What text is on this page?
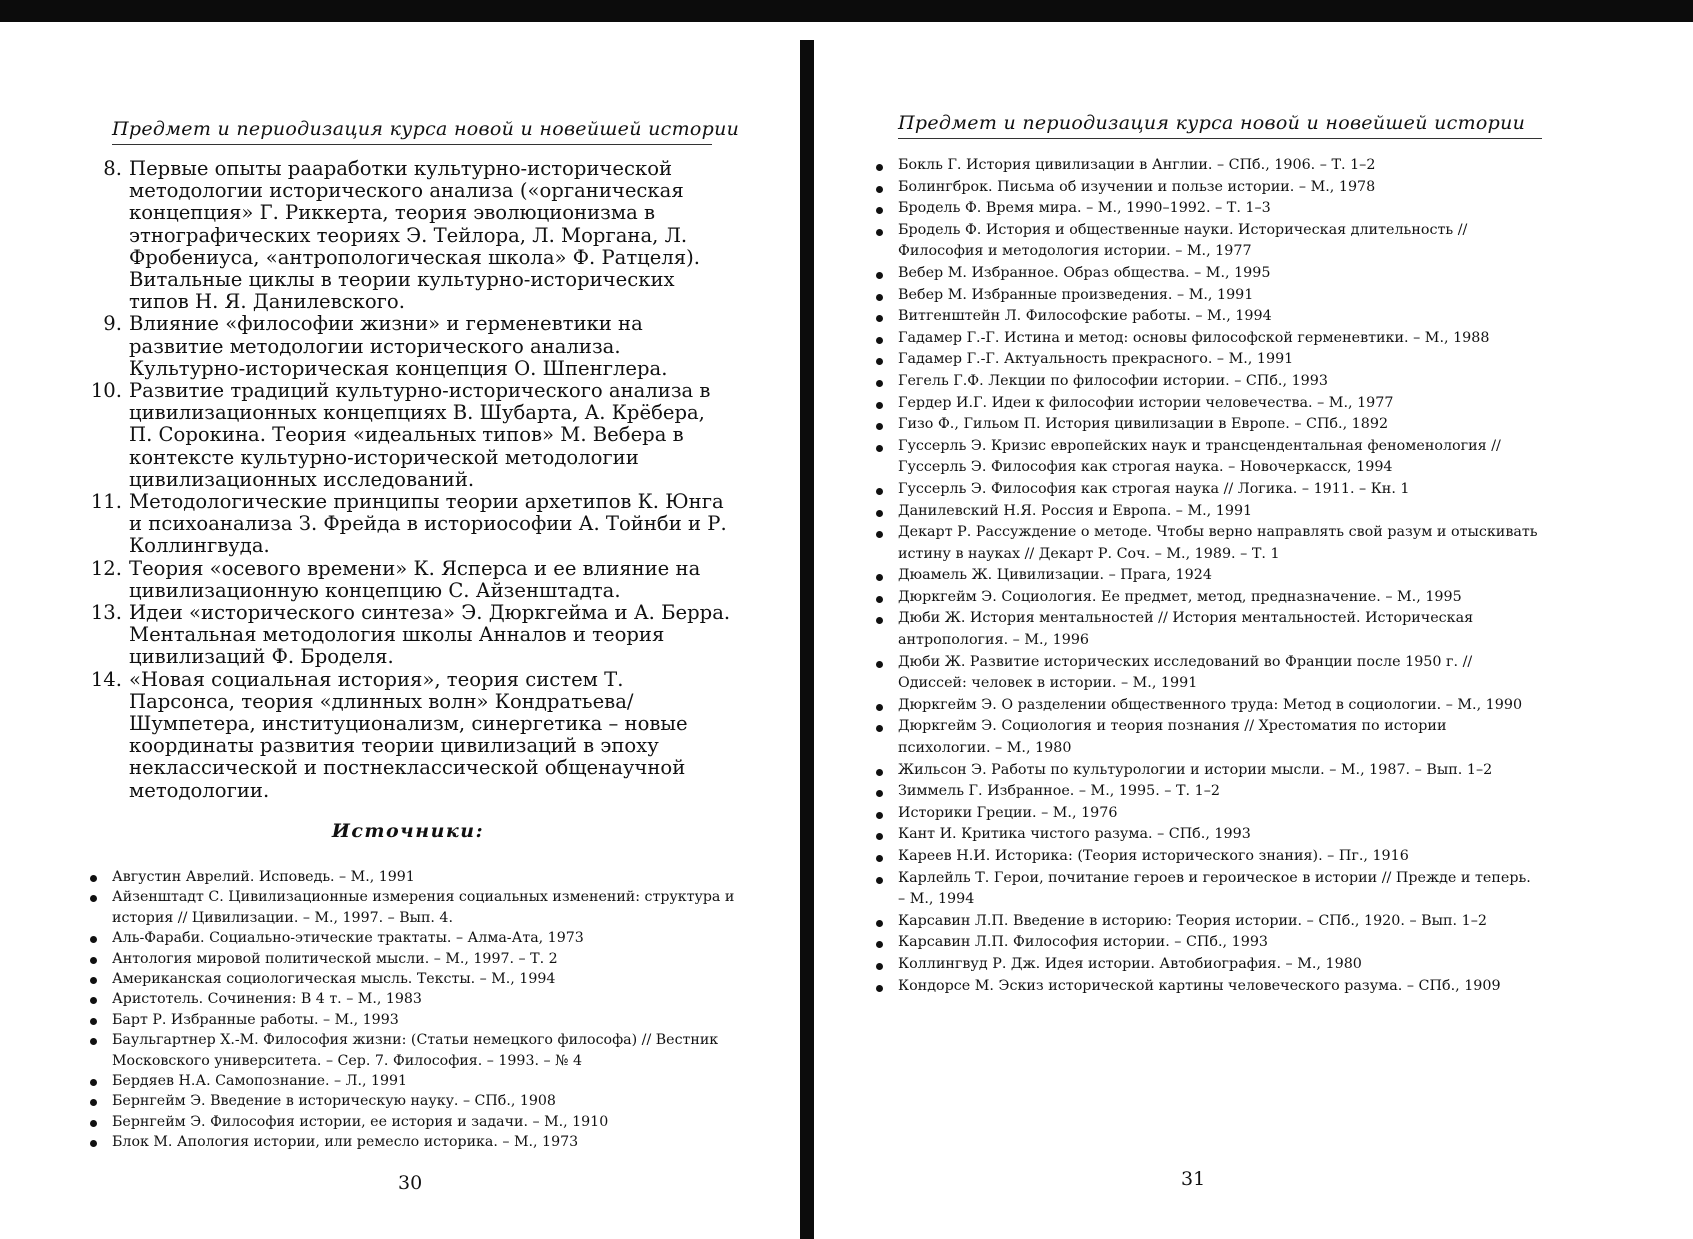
Предмет и периодизация курса новой и новейшей истории
8. Первые опыты рааработки культурно-исторической методологии исторического анализа («органическая концепция» Г. Риккерта, теория эволюционизма в этнографических теориях Э. Тейлора, Л. Моргана, Л. Фробениуса, «антропологическая школа» Ф. Ратцеля). Витальные циклы в теории культурно-исторических типов Н. Я. Данилевского.
9. Влияние «философии жизни» и герменевтики на развитие методологии исторического анализа. Культурно-историческая концепция О. Шпенглера.
10. Развитие традиций культурно-исторического анализа в цивилизационных концепциях В. Шубарта, А. Крёбера, П. Сорокина. Теория «идеальных типов» М. Вебера в контексте культурно-исторической методологии цивилизационных исследований.
11. Методологические принципы теории архетипов К. Юнга и психоанализа З. Фрейда в историософии А. Тойнби и Р. Коллингвуда.
12. Теория «осевого времени» К. Ясперса и ее влияние на цивилизационную концепцию С. Айзенштадта.
13. Идеи «исторического синтеза» Э. Дюркгейма и А. Берра. Ментальная методология школы Анналов и теория цивилизаций Ф. Броделя.
14. «Новая социальная история», теория систем Т. Парсонса, теория «длинных волн» Кондратьева/Шумпетера, институционализм, синергетика – новые координаты развития теории цивилизаций в эпоху неклассической и постнеклассической общенаучной методологии.
Источники:
Августин Аврелий. Исповедь. – М., 1991
Айзенштадт С. Цивилизационные измерения социальных изменений: структура и история // Цивилизации. – М., 1997. – Вып. 4.
Аль-Фараби. Социально-этические трактаты. – Алма-Ата, 1973
Антология мировой политической мысли. – М., 1997. – Т. 2
Американская социологическая мысль. Тексты. – М., 1994
Аристотель. Сочинения: В 4 т. – М., 1983
Барт Р. Избранные работы. – М., 1993
Баульгартнер Х.-М. Философия жизни: (Статьи немецкого философа) // Вестник Московского университета. – Сер. 7. Философия. – 1993. – № 4
Бердяев Н.А. Самопознание. – Л., 1991
Бернгейм Э. Введение в историческую науку. – СПб., 1908
Бернгейм Э. Философия истории, ее история и задачи. – М., 1910
Блок М. Апология истории, или ремесло историка. – М., 1973
30
Предмет и периодизация курса новой и новейшей истории
Бокль Г. История цивилизации в Англии. – СПб., 1906. – Т. 1–2
Болингброк. Письма об изучении и пользе истории. – М., 1978
Бродель Ф. Время мира. – М., 1990–1992. – Т. 1–3
Бродель Ф. История и общественные науки. Историческая длительность // Философия и методология истории. – М., 1977
Вебер М. Избранное. Образ общества. – М., 1995
Вебер М. Избранные произведения. – М., 1991
Витгенштейн Л. Философские работы. – М., 1994
Гадамер Г.-Г. Истина и метод: основы философской герменевтики. – М., 1988
Гадамер Г.-Г. Актуальность прекрасного. – М., 1991
Гегель Г.Ф. Лекции по философии истории. – СПб., 1993
Гердер И.Г. Идеи к философии истории человечества. – М., 1977
Гизо Ф., Гильом П. История цивилизации в Европе. – СПб., 1892
Гуссерль Э. Кризис европейских наук и трансцендентальная феноменология // Гуссерль Э. Философия как строгая наука. – Новочеркасск, 1994
Гуссерль Э. Философия как строгая наука // Логика. – 1911. – Кн. 1
Данилевский Н.Я. Россия и Европа. – М., 1991
Декарт Р. Рассуждение о методе. Чтобы верно направлять свой разум и отыскивать истину в науках // Декарт Р. Соч. – М., 1989. – Т. 1
Дюамель Ж. Цивилизации. – Прага, 1924
Дюркгейм Э. Социология. Ее предмет, метод, предназначение. – М., 1995
Дюби Ж. История ментальностей // История ментальностей. Историческая антропология. – М., 1996
Дюби Ж. Развитие исторических исследований во Франции после 1950 г. // Одиссей: человек в истории. – М., 1991
Дюркгейм Э. О разделении общественного труда: Метод в социологии. – М., 1990
Дюркгейм Э. Социология и теория познания // Хрестоматия по истории психологии. – М., 1980
Жильсон Э. Работы по культурологии и истории мысли. – М., 1987. – Вып. 1–2
Зиммель Г. Избранное. – М., 1995. – Т. 1–2
Историки Греции. – М., 1976
Кант И. Критика чистого разума. – СПб., 1993
Кареев Н.И. Историка: (Теория исторического знания). – Пг., 1916
Карлейль Т. Герои, почитание героев и героическое в истории // Прежде и теперь. – М., 1994
Карсавин Л.П. Введение в историю: Теория истории. – СПб., 1920. – Вып. 1–2
Карсавин Л.П. Философия истории. – СПб., 1993
Коллингвуд Р. Дж. Идея истории. Автобиография. – М., 1980
Кондорсе М. Эскиз исторической картины человеческого разума. – СПб., 1909
31
